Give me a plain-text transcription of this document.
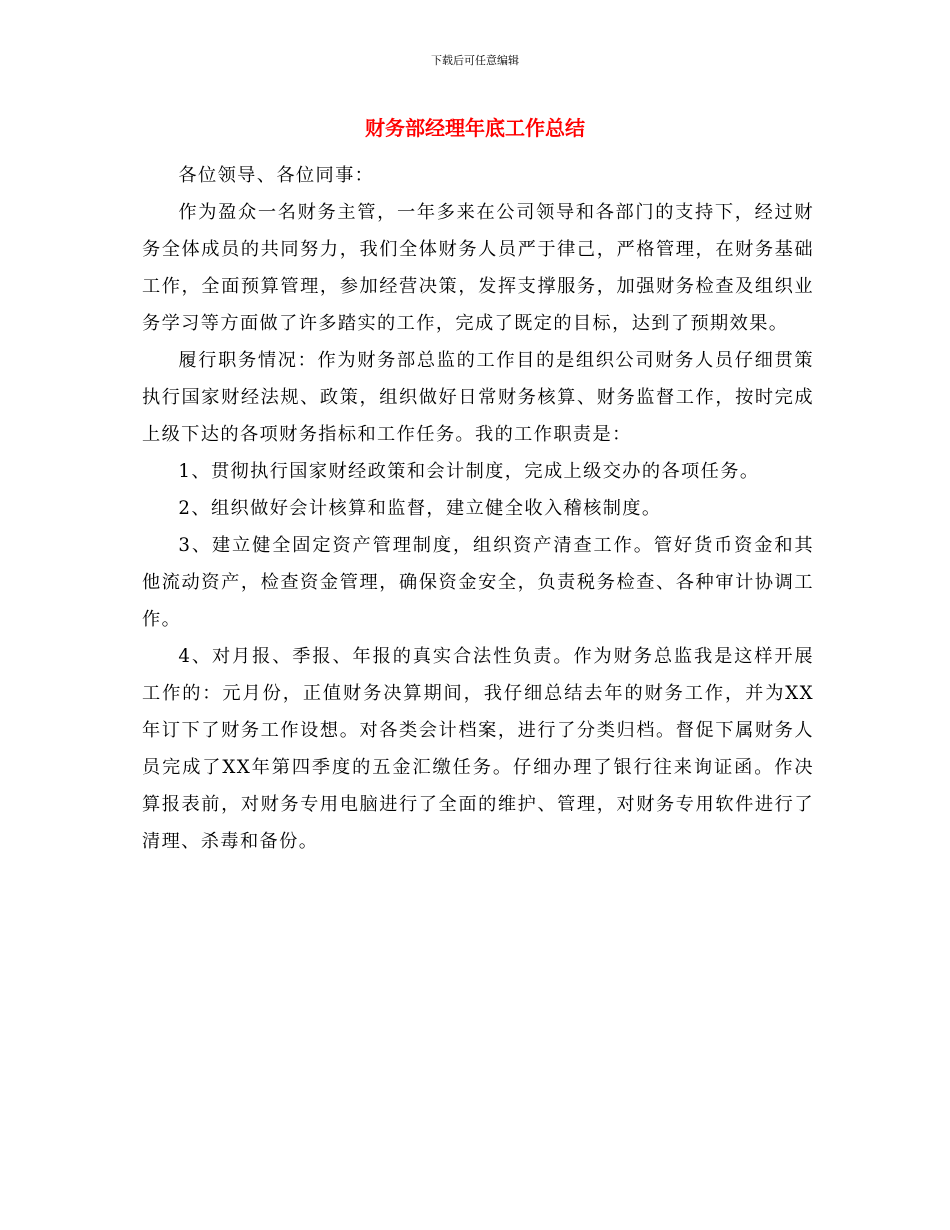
下载后可任意编辑
财务部经理年底工作总结

各位领导、各位同事：

作为盈众一名财务主管，一年多来在公司领导和各部门的支持下，经过财务全体成员的共同努力，我们全体财务人员严于律己，严格管理，在财务基础工作，全面预算管理，参加经营决策，发挥支撑服务，加强财务检查及组织业务学习等方面做了许多踏实的工作，完成了既定的目标，达到了预期效果。

履行职务情况：作为财务部总监的工作目的是组织公司财务人员仔细贯策执行国家财经法规、政策，组织做好日常财务核算、财务监督工作，按时完成上级下达的各项财务指标和工作任务。我的工作职责是：

1、贯彻执行国家财经政策和会计制度，完成上级交办的各项任务。

2、组织做好会计核算和监督，建立健全收入稽核制度。

3、建立健全固定资产管理制度，组织资产清查工作。管好货币资金和其他流动资产，检查资金管理，确保资金安全，负责税务检查、各种审计协调工作。

4、对月报、季报、年报的真实合法性负责。作为财务总监我是这样开展工作的：元月份，正值财务决算期间，我仔细总结去年的财务工作，并为XX年订下了财务工作设想。对各类会计档案，进行了分类归档。督促下属财务人员完成了XX年第四季度的五金汇缴任务。仔细办理了银行往来询证函。作决算报表前，对财务专用电脑进行了全面的维护、管理，对财务专用软件进行了清理、杀毒和备份。
